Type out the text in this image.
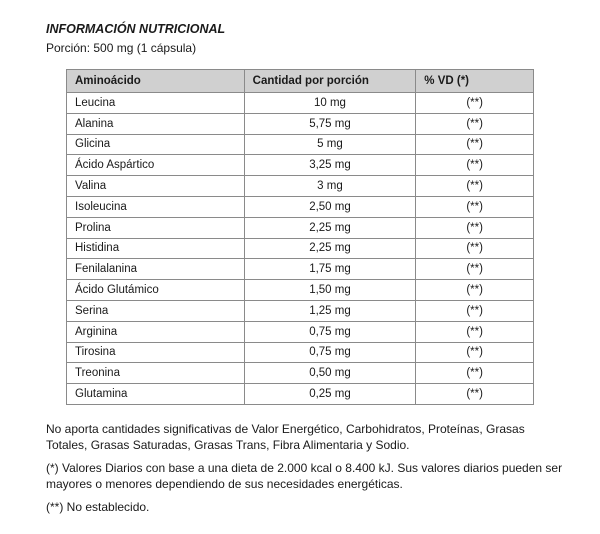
INFORMACIÓN NUTRICIONAL
Porción: 500 mg (1 cápsula)
Aminoácido	Cantidad por porción	% VD (*)
Leucina	10 mg	(**)
Alanina	5,75 mg	(**)
Glicina	5 mg	(**)
Ácido Aspártico	3,25 mg	(**)
Valina	3 mg	(**)
Isoleucina	2,50 mg	(**)
Prolina	2,25 mg	(**)
Histidina	2,25 mg	(**)
Fenilalanina	1,75 mg	(**)
Ácido Glutámico	1,50 mg	(**)
Serina	1,25 mg	(**)
Arginina	0,75 mg	(**)
Tirosina	0,75 mg	(**)
Treonina	0,50 mg	(**)
Glutamina	0,25 mg	(**)

No aporta cantidades significativas de Valor Energético, Carbohidratos, Proteínas, Grasas Totales, Grasas Saturadas, Grasas Trans, Fibra Alimentaria y Sodio.

(*) Valores Diarios con base a una dieta de 2.000 kcal o 8.400 kJ. Sus valores diarios pueden ser mayores o menores dependiendo de sus necesidades energéticas.

(**) No establecido.
